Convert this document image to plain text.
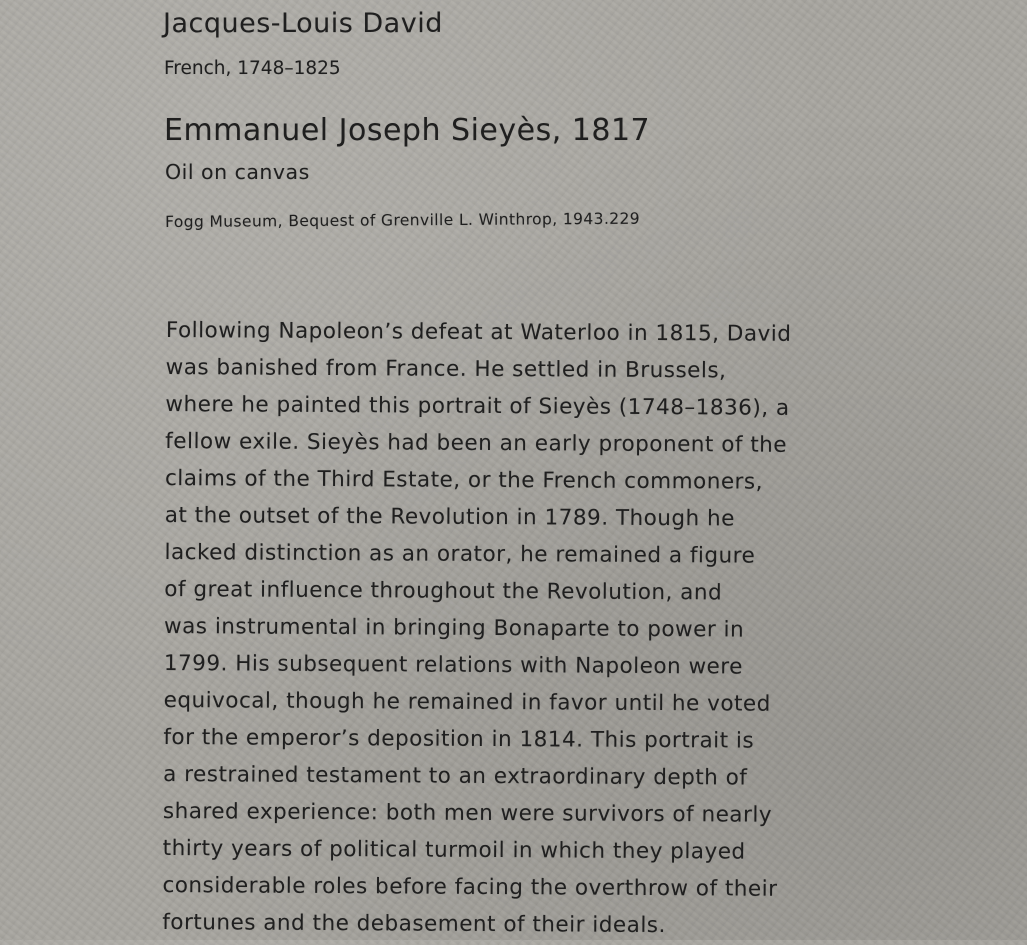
Jacques-Louis David
French, 1748–1825
Emmanuel Joseph Sieyès, 1817
Oil on canvas
Fogg Museum, Bequest of Grenville L. Winthrop, 1943.229
Following Napoleon’s defeat at Waterloo in 1815, David
was banished from France. He settled in Brussels,
where he painted this portrait of Sieyès (1748–1836), a
fellow exile. Sieyès had been an early proponent of the
claims of the Third Estate, or the French commoners,
at the outset of the Revolution in 1789. Though he
lacked distinction as an orator, he remained a figure
of great influence throughout the Revolution, and
was instrumental in bringing Bonaparte to power in
1799. His subsequent relations with Napoleon were
equivocal, though he remained in favor until he voted
for the emperor’s deposition in 1814. This portrait is
a restrained testament to an extraordinary depth of
shared experience: both men were survivors of nearly
thirty years of political turmoil in which they played
considerable roles before facing the overthrow of their
fortunes and the debasement of their ideals.
